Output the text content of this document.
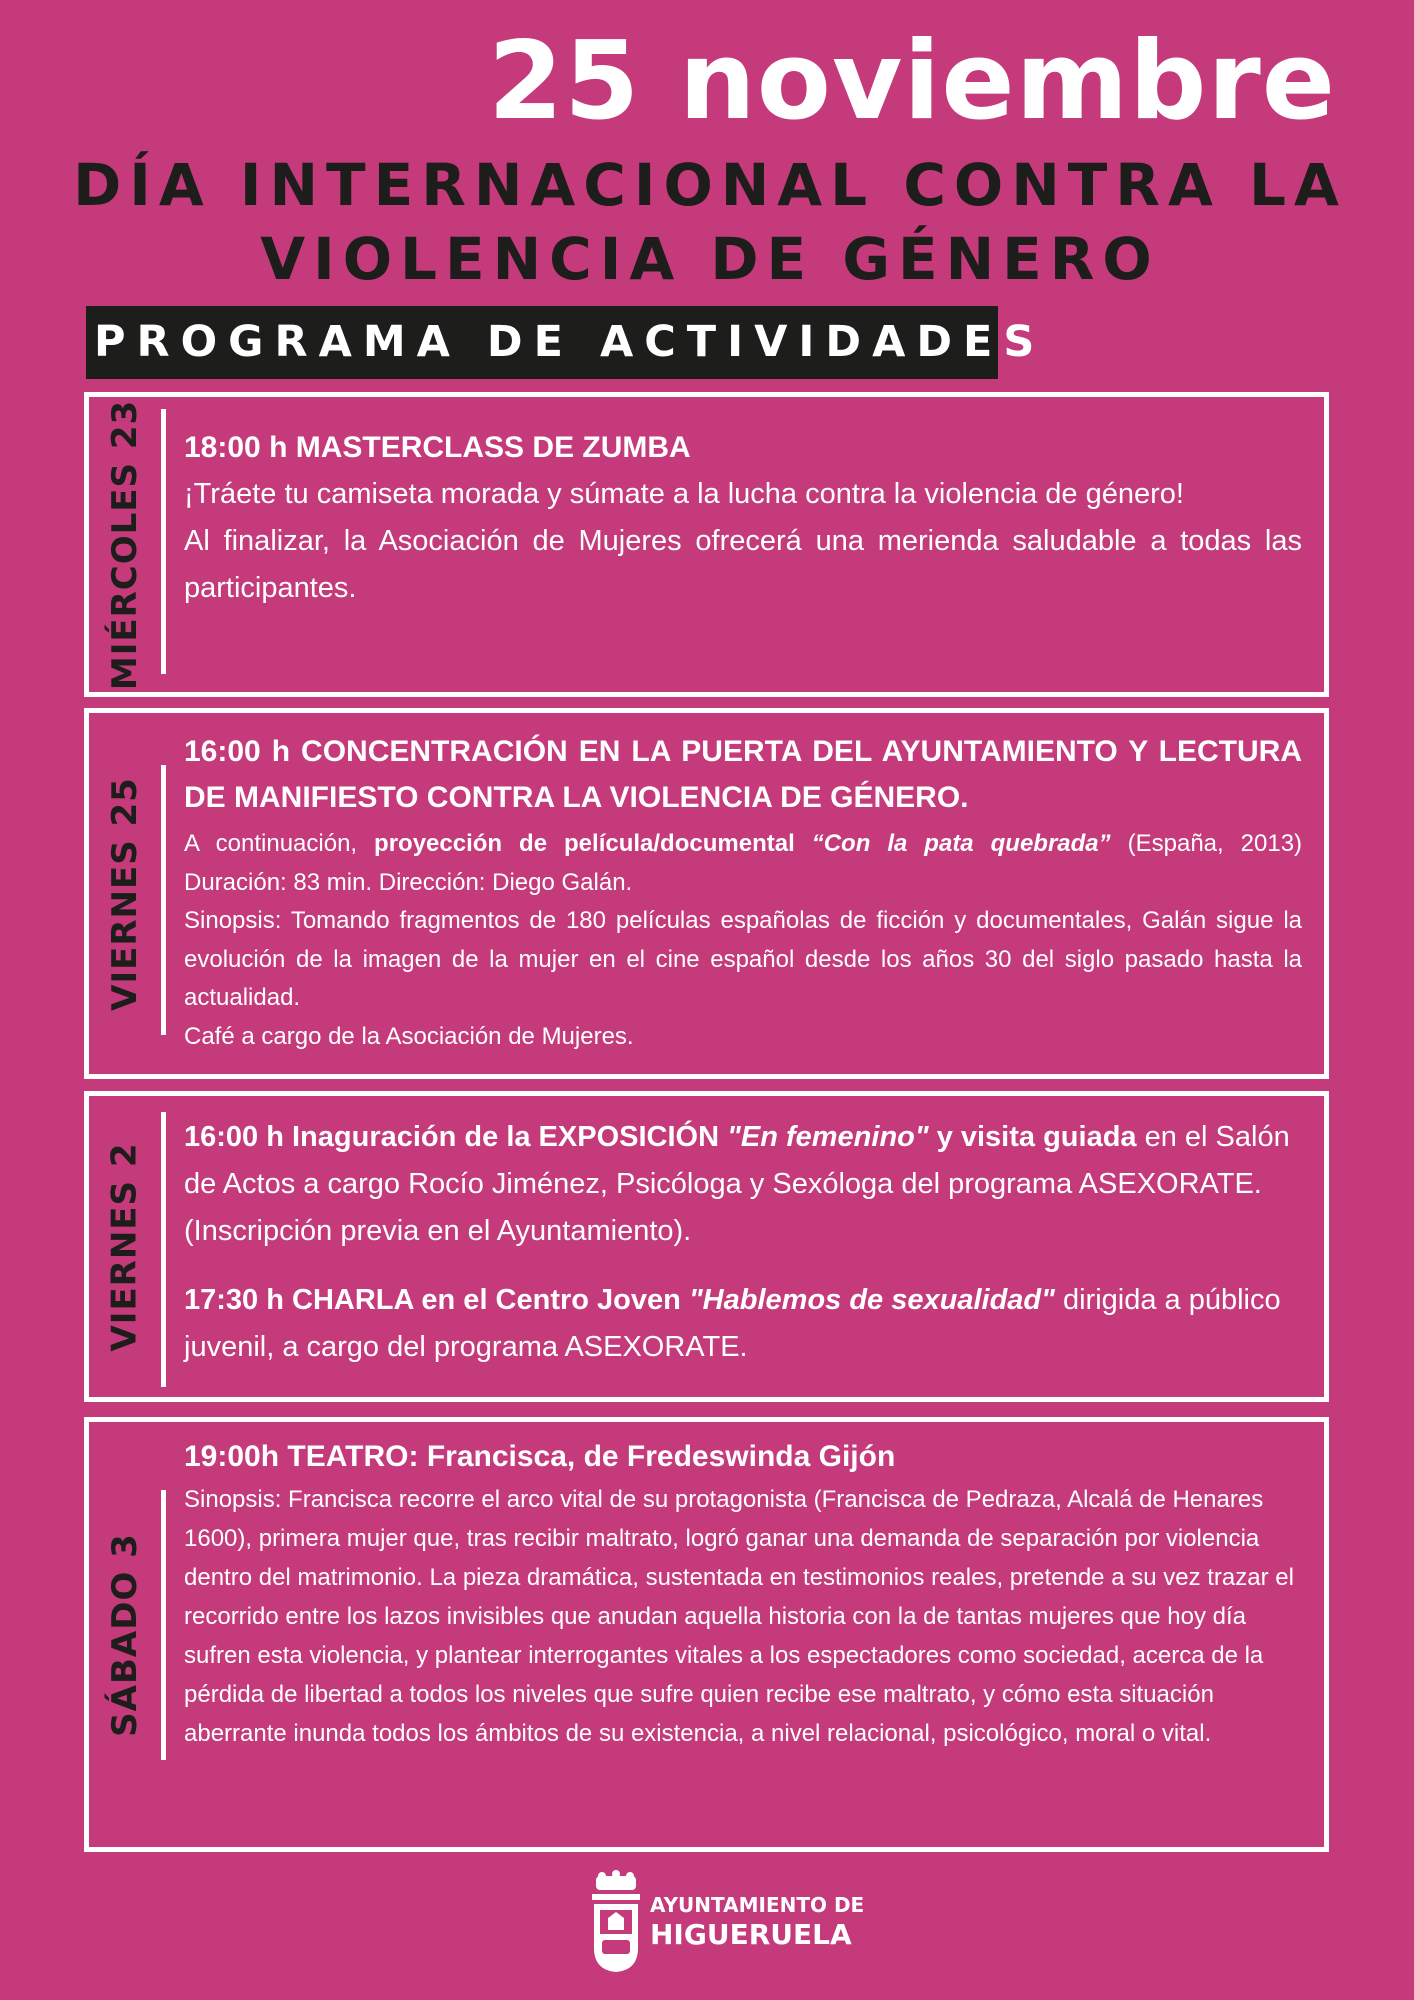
25 noviembre
DÍA INTERNACIONAL CONTRA LA
VIOLENCIA DE GÉNERO
PROGRAMA DE ACTIVIDADES
MIÉRCOLES 23 18:00 h MASTERCLASS DE ZUMBA
¡Tráete tu camiseta morada y súmate a la lucha contra la violencia de género!
Al finalizar, la Asociación de Mujeres ofrecerá una merienda saludable a todas las participantes.
VIERNES 25
16:00 h CONCENTRACIÓN EN LA PUERTA DEL AYUNTAMIENTO Y LECTURA DE MANIFIESTO CONTRA LA VIOLENCIA DE GÉNERO.
A continuación, proyección de película/documental “Con la pata quebrada” (España, 2013) Duración: 83 min. Dirección: Diego Galán.
Sinopsis: Tomando fragmentos de 180 películas españolas de ficción y documentales, Galán sigue la evolución de la imagen de la mujer en el cine español desde los años 30 del siglo pasado hasta la actualidad.
Café a cargo de la Asociación de Mujeres.
VIERNES 2
16:00 h Inaguración de la EXPOSICIÓN "En femenino" y visita guiada en el Salón de Actos a cargo Rocío Jiménez, Psicóloga y Sexóloga del programa ASEXORATE. (Inscripción previa en el Ayuntamiento).
17:30 h CHARLA en el Centro Joven "Hablemos de sexualidad" dirigida a público juvenil, a cargo del programa ASEXORATE.
SÁBADO 3
19:00h TEATRO: Francisca, de Fredeswinda Gijón
Sinopsis: Francisca recorre el arco vital de su protagonista (Francisca de Pedraza, Alcalá de Henares 1600), primera mujer que, tras recibir maltrato, logró ganar una demanda de separación por violencia dentro del matrimonio. La pieza dramática, sustentada en testimonios reales, pretende a su vez trazar el recorrido entre los lazos invisibles que anudan aquella historia con la de tantas mujeres que hoy día sufren esta violencia, y plantear interrogantes vitales a los espectadores como sociedad, acerca de la pérdida de libertad a todos los niveles que sufre quien recibe ese maltrato, y cómo esta situación aberrante inunda todos los ámbitos de su existencia, a nivel relacional, psicológico, moral o vital.
AYUNTAMIENTO DE
HIGUERUELA
